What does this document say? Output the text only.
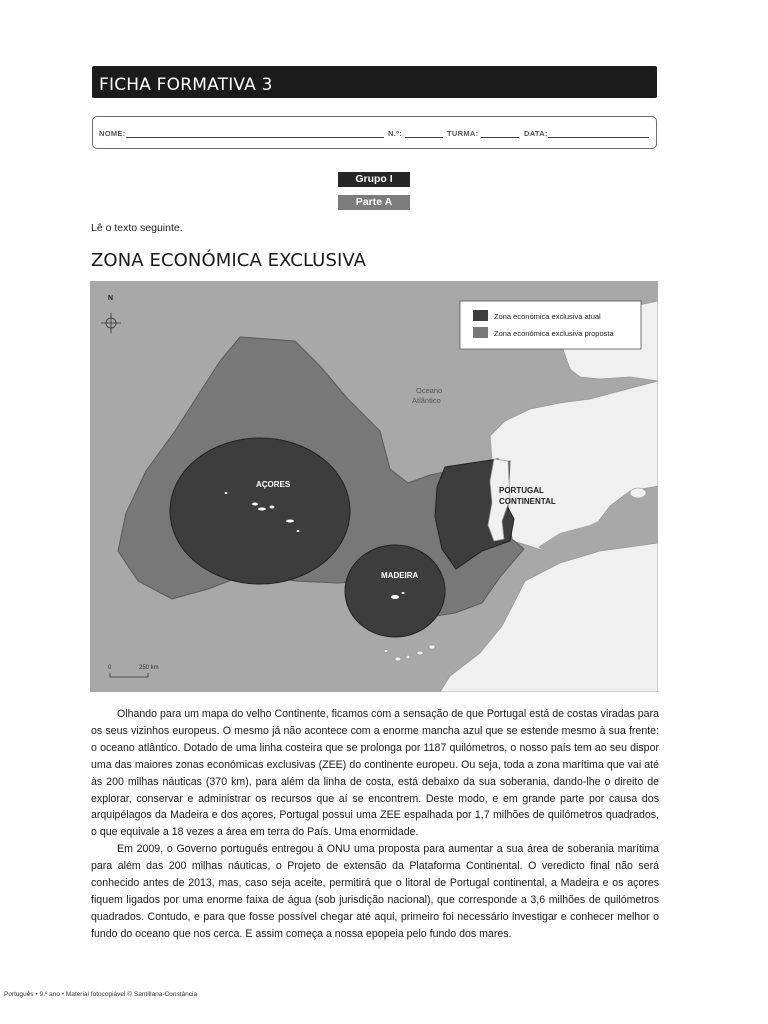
FICHA FORMATIVA 3
NOME:	N.º:	TURMA:	DATA:
Grupo I
Parte A
Lê o texto seguinte.
ZONA ECONÓMICA EXCLUSIVA
N
Zona económica exclusiva atual
Zona económica exclusiva proposta
Oceano
Atlântico
AÇORES
MADEIRA
PORTUGAL
CONTINENTAL
0	250 km

Olhando para um mapa do velho Continente, ficamos com a sensação de que Portugal está de costas viradas para os seus vizinhos europeus. O mesmo já não acontece com a enorme mancha azul que se estende mesmo à sua frente: o oceano atlântico. Dotado de uma linha costeira que se prolonga por 1187 quilómetros, o nosso país tem ao seu dispor uma das maiores zonas económicas exclusivas (ZEE) do continente europeu. Ou seja, toda a zona marítima que vai até às 200 milhas náuticas (370 km), para além da linha de costa, está debaixo da sua soberania, dando-lhe o direito de explorar, conservar e administrar os recursos que aí se encontrem. Deste modo, e em grande parte por causa dos arquipélagos da Madeira e dos açores, Portugal possui uma ZEE espalhada por 1,7 milhões de quilómetros quadrados, o que equivale a 18 vezes a área em terra do País. Uma enormidade.

Em 2009, o Governo português entregou à ONU uma proposta para aumentar a sua área de soberania marítima para além das 200 milhas náuticas, o Projeto de extensão da Plataforma Continental. O veredicto final não será conhecido antes de 2013, mas, caso seja aceite, permitirá que o litoral de Portugal continental, a Madeira e os açores fiquem ligados por uma enorme faixa de água (sob jurisdição nacional), que corresponde a 3,6 milhões de quilómetros quadrados. Contudo, e para que fosse possível chegar até aqui, primeiro foi necessário investigar e conhecer melhor o fundo do oceano que nos cerca. E assim começa a nossa epopeia pelo fundo dos mares.

Português • 9.º ano • Material fotocopiável © Santillana-Constância
